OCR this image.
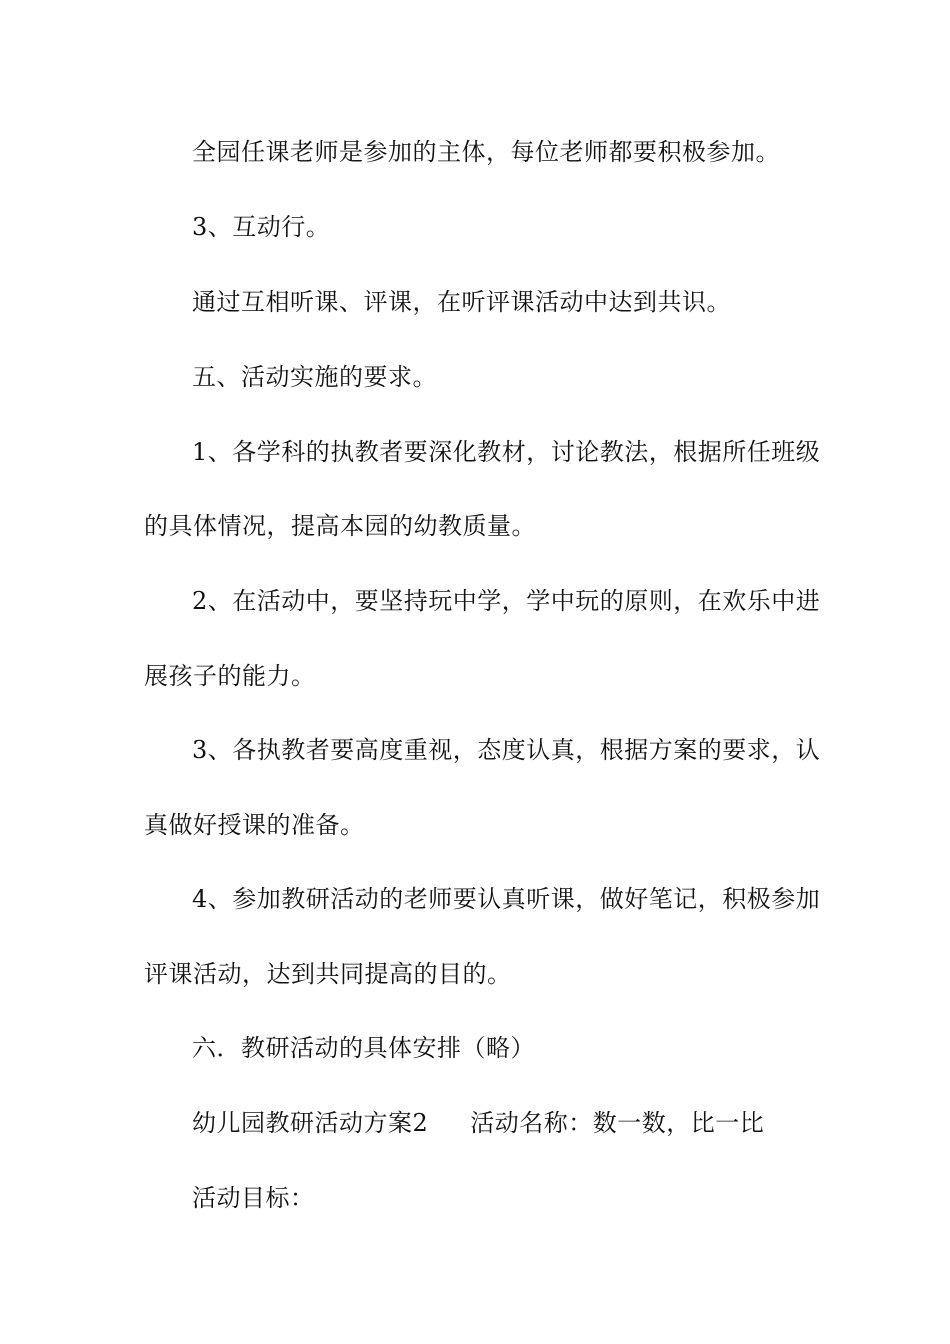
全园任课老师是参加的主体，每位老师都要积极参加。
3、互动行。
通过互相听课、评课，在听评课活动中达到共识。
五、活动实施的要求。
1、各学科的执教者要深化教材，讨论教法，根据所任班级
的具体情况，提高本园的幼教质量。
2、在活动中，要坚持玩中学，学中玩的原则，在欢乐中进
展孩子的能力。
3、各执教者要高度重视，态度认真，根据方案的要求，认
真做好授课的准备。
4、参加教研活动的老师要认真听课，做好笔记，积极参加
评课活动，达到共同提高的目的。
六．教研活动的具体安排（略）
幼儿园教研活动方案2 活动名称：数一数，比一比
活动目标：
